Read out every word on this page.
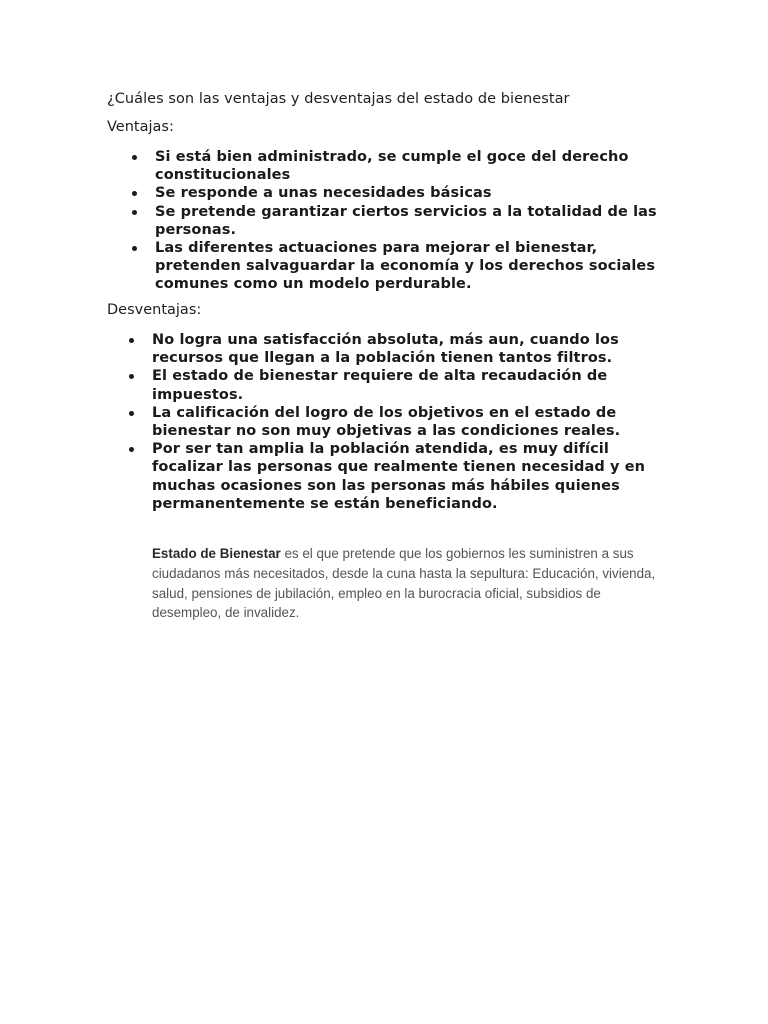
¿Cuáles son las ventajas y desventajas del estado de bienestar

Ventajas:

Si está bien administrado, se cumple el goce del derecho constitucionales
Se responde a unas necesidades básicas
Se pretende garantizar ciertos servicios a la totalidad de las personas.
Las diferentes actuaciones para mejorar el bienestar, pretenden salvaguardar la economía y los derechos sociales comunes como un modelo perdurable.

Desventajas:

No logra una satisfacción absoluta, más aun, cuando los recursos que llegan a la población tienen tantos filtros.
El estado de bienestar requiere de alta recaudación de impuestos.
La calificación del logro de los objetivos en el estado de bienestar no son muy objetivas a las condiciones reales.
Por ser tan amplia la población atendida, es muy difícil focalizar las personas que realmente tienen necesidad y en muchas ocasiones son las personas más hábiles quienes permanentemente se están beneficiando.

Estado de Bienestar es el que pretende que los gobiernos les suministren a sus ciudadanos más necesitados, desde la cuna hasta la sepultura: Educación, vivienda, salud, pensiones de jubilación, empleo en la burocracia oficial, subsidios de desempleo, de invalidez.
